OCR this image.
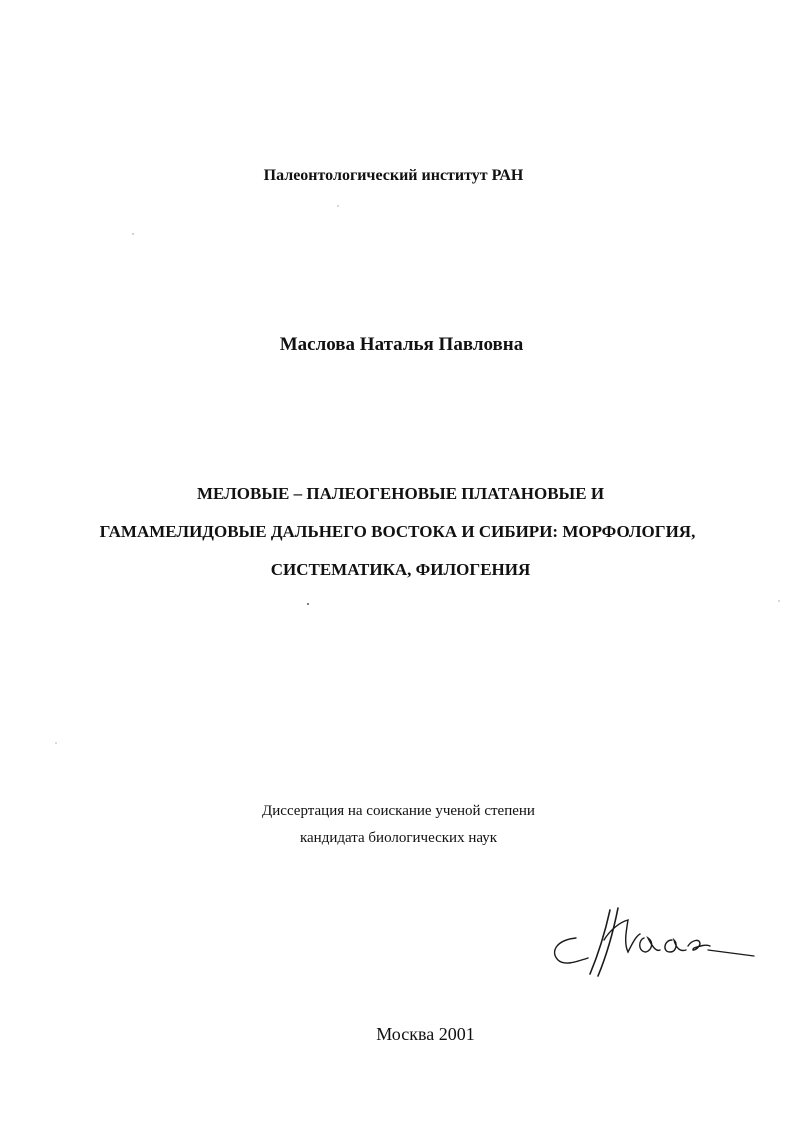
Палеонтологический институт РАН
Маслова Наталья Павловна
МЕЛОВЫЕ – ПАЛЕОГЕНОВЫЕ ПЛАТАНОВЫЕ И
ГАМАМЕЛИДОВЫЕ ДАЛЬНЕГО ВОСТОКА И СИБИРИ: МОРФОЛОГИЯ,
СИСТЕМАТИКА, ФИЛОГЕНИЯ
Диссертация на соискание ученой степени
кандидата биологических наук
Москва 2001
